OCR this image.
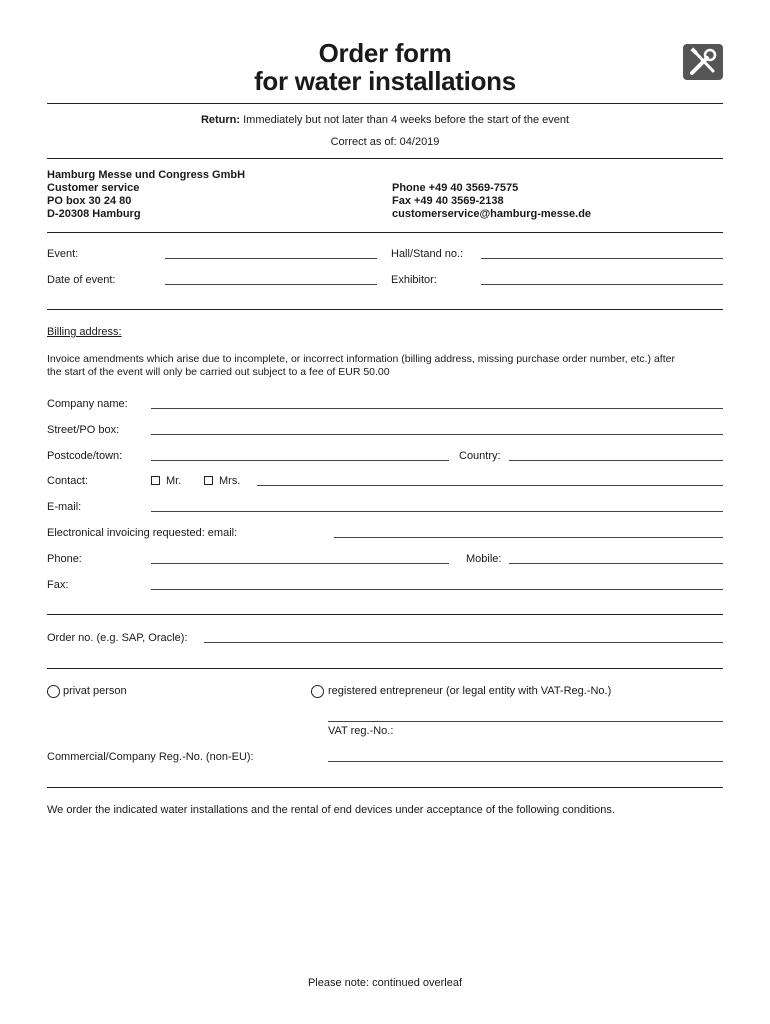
Order form
for water installations
Return: Immediately but not later than 4 weeks before the start of the event
Correct as of: 04/2019
Hamburg Messe und Congress GmbH
Customer service
PO box 30 24 80
D-20308 Hamburg
Phone +49 40 3569-7575
Fax +49 40 3569-2138
customerservice@hamburg-messe.de
Event:	Hall/Stand no.:
Date of event:	Exhibitor:
Billing address:
Invoice amendments which arise due to incomplete, or incorrect information (billing address, missing purchase order number, etc.) after
the start of the event will only be carried out subject to a fee of EUR 50.00
Company name:
Street/PO box:
Postcode/town:	Country:
Contact:	Mr.	Mrs.
E-mail:
Electronical invoicing requested: email:
Phone:	Mobile:
Fax:
Order no. (e.g. SAP, Oracle):
privat person	registered entrepreneur (or legal entity with VAT-Reg.-No.)
VAT reg.-No.:
Commercial/Company Reg.-No. (non-EU):
We order the indicated water installations and the rental of end devices under acceptance of the following conditions.
Please note: continued overleaf
